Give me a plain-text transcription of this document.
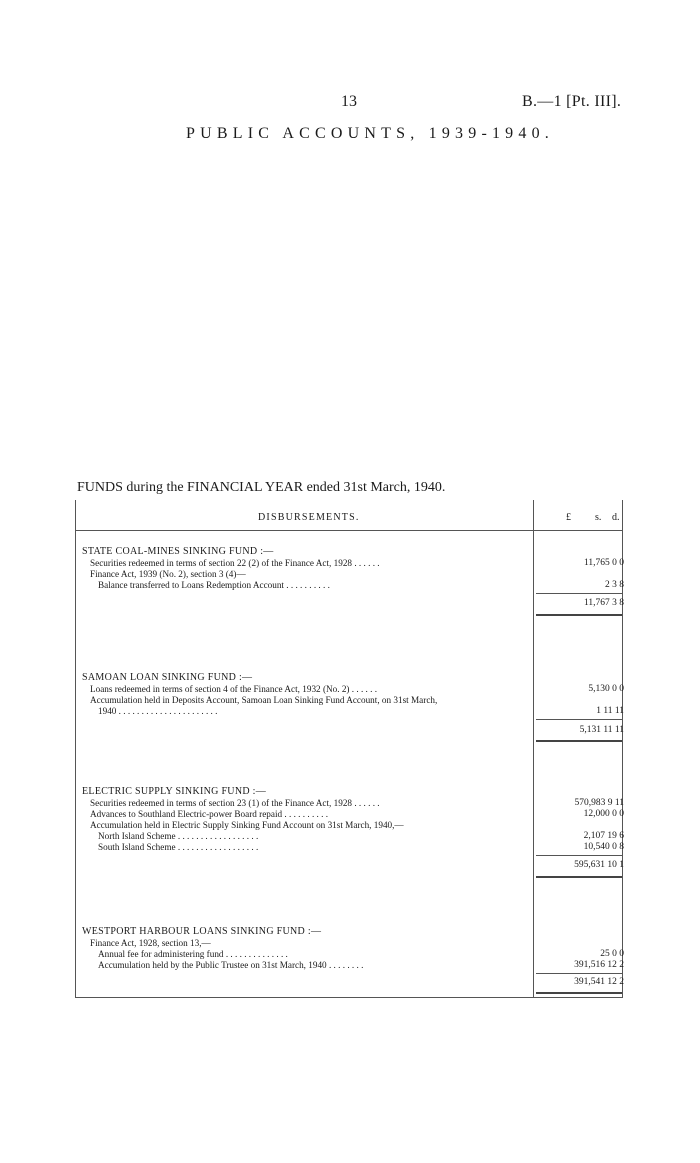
13	B.—1 [Pt. III].
PUBLIC ACCOUNTS, 1939-1940.
FUNDS during the FINANCIAL YEAR ended 31st March, 1940.
DISBURSEMENTS.	£ s. d.
STATE COAL-MINES SINKING FUND :—
Securities redeemed in terms of section 22 (2) of the Finance Act, 1928 . . . . . .	11,765 0 0
Finance Act, 1939 (No. 2), section 3 (4)—
Balance transferred to Loans Redemption Account . . . . . . . . . .	2 3 8
11,767 3 8
SAMOAN LOAN SINKING FUND :—
Loans redeemed in terms of section 4 of the Finance Act, 1932 (No. 2) . . . . . .	5,130 0 0
Accumulation held in Deposits Account, Samoan Loan Sinking Fund Account, on 31st March,
1940 . . . . . . . . . . . . . . . . . . . . . .	1 11 11
5,131 11 11
ELECTRIC SUPPLY SINKING FUND :—
Securities redeemed in terms of section 23 (1) of the Finance Act, 1928 . . . . . .	570,983 9 11
Advances to Southland Electric-power Board repaid . . . . . . . . . .	12,000 0 0
Accumulation held in Electric Supply Sinking Fund Account on 31st March, 1940,—
North Island Scheme . . . . . . . . . . . . . . . . . .	2,107 19 6
South Island Scheme . . . . . . . . . . . . . . . . . .	10,540 0 8
595,631 10 1
WESTPORT HARBOUR LOANS SINKING FUND :—
Finance Act, 1928, section 13,—
Annual fee for administering fund . . . . . . . . . . . . . .	25 0 0
Accumulation held by the Public Trustee on 31st March, 1940 . . . . . . . .	391,516 12 2
391,541 12 2
